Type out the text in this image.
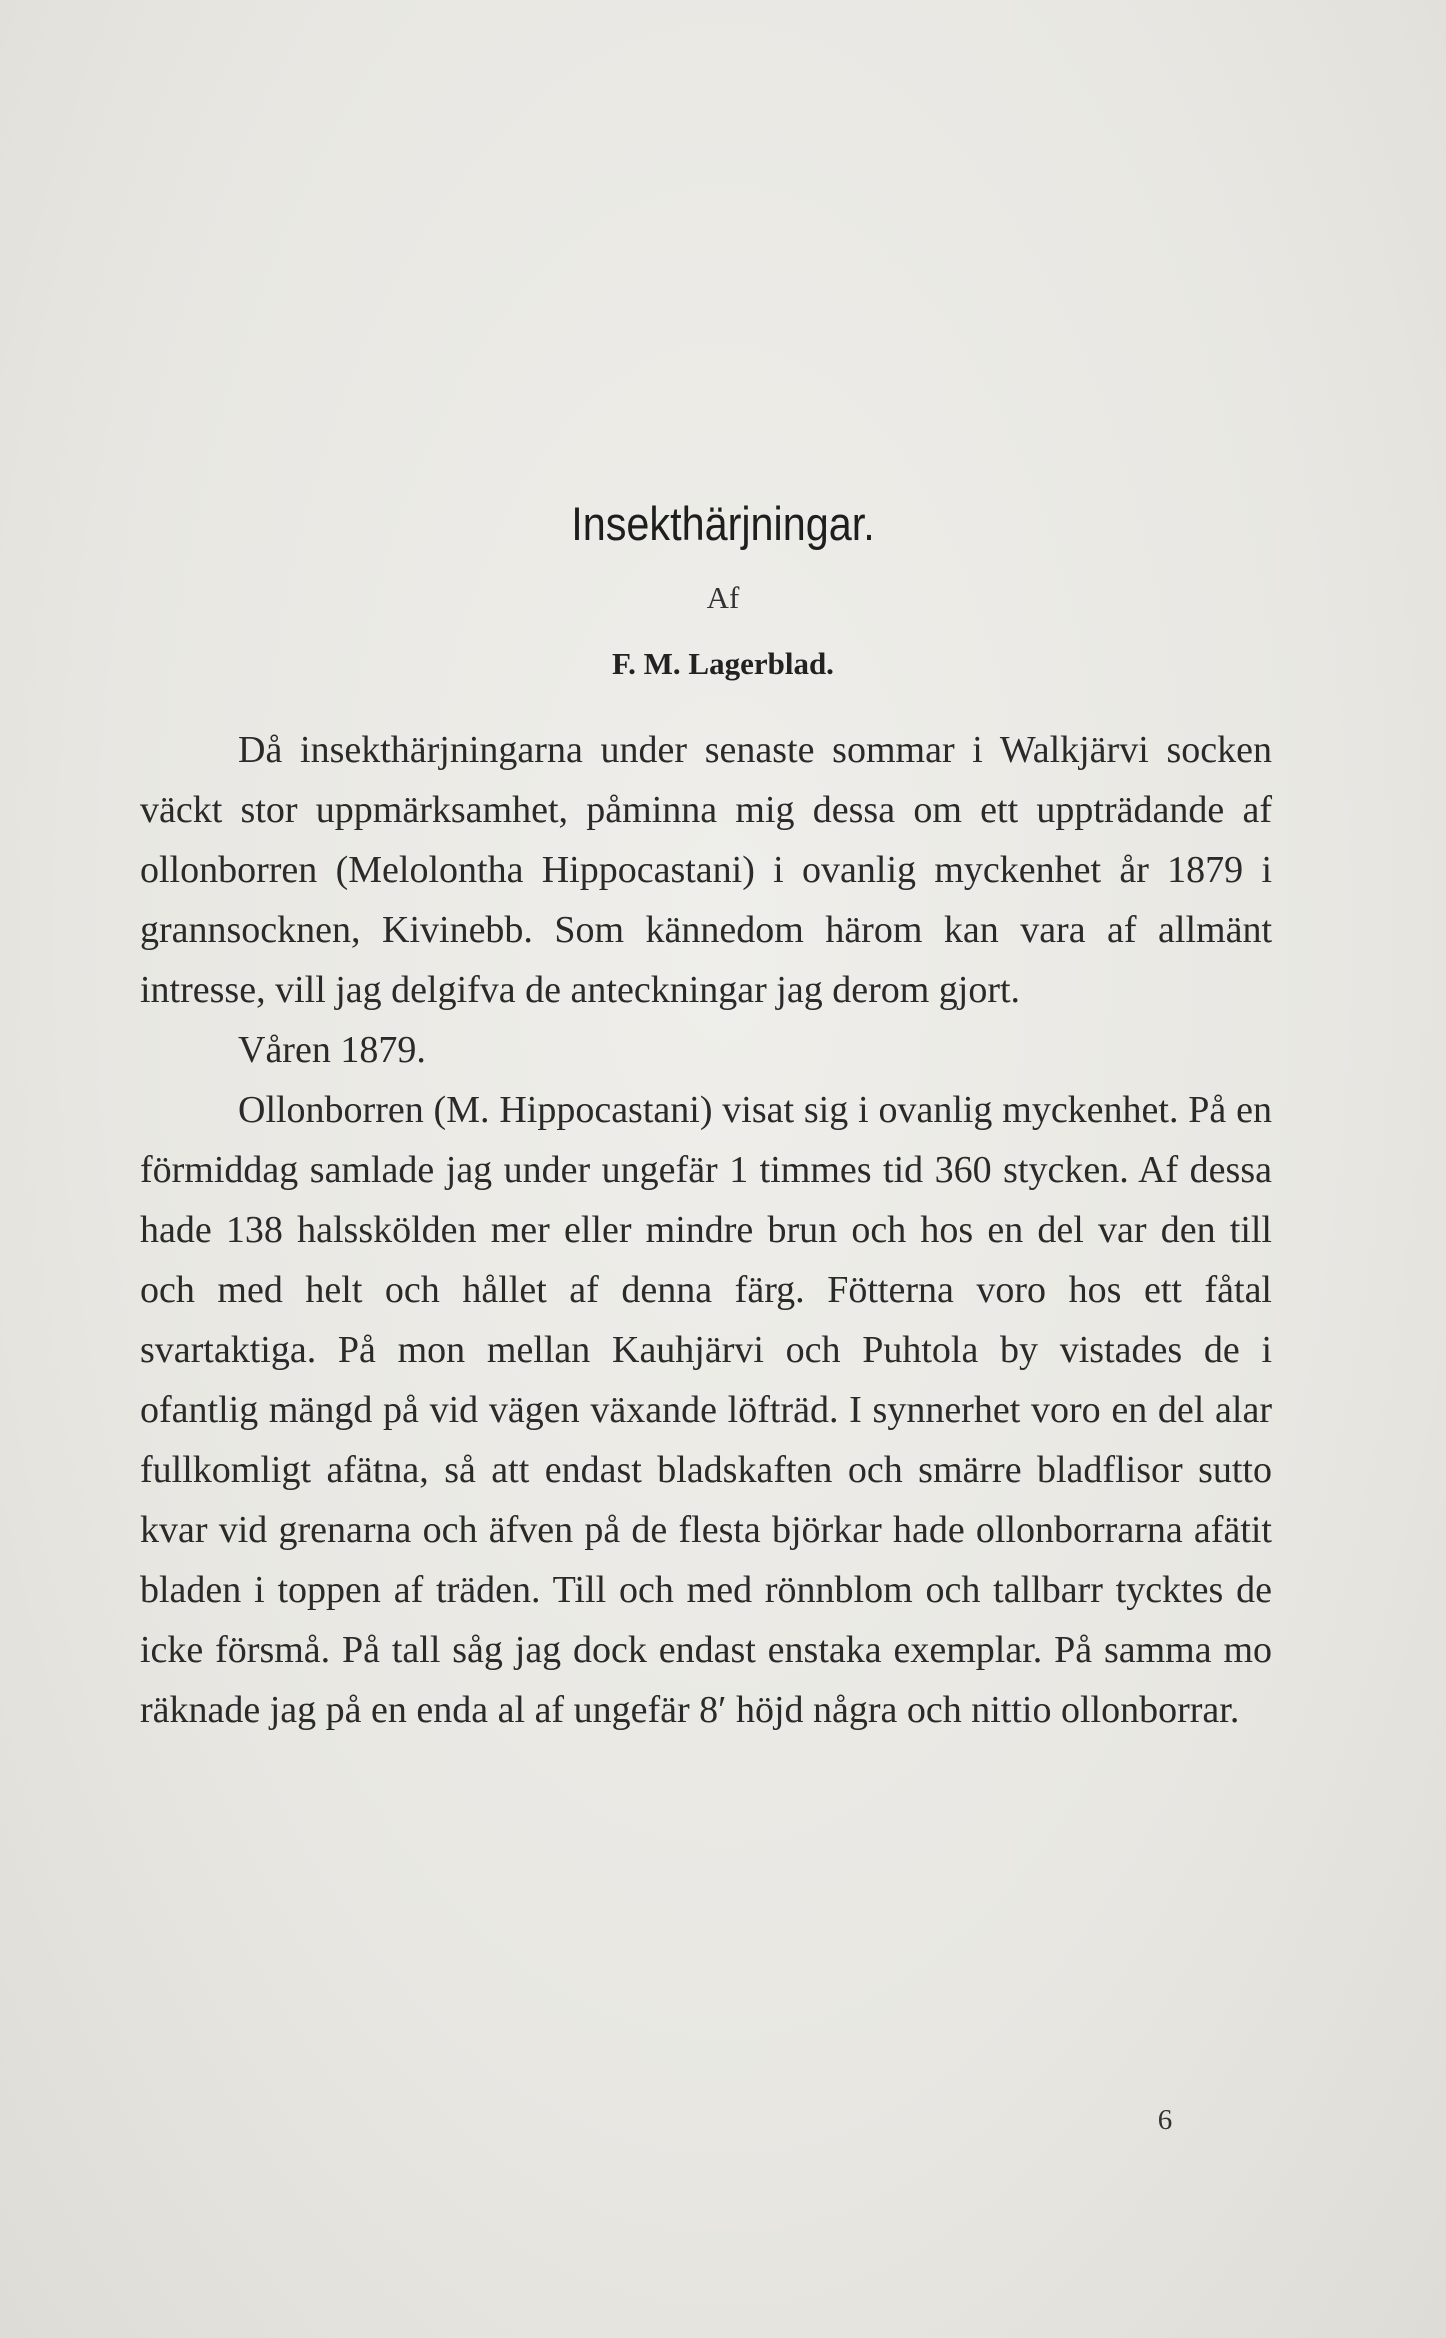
Insekthärjningar.
Af
F. M. Lagerblad.

Då insekthärjningarna under senaste sommar i Walkjärvi socken väckt stor uppmärksamhet, påminna mig dessa om ett uppträdande af ollonborren (Melolontha Hippocastani) i ovanlig myckenhet år 1879 i grannsocknen, Kivinebb. Som kännedom härom kan vara af allmänt intresse, vill jag delgifva de anteckningar jag derom gjort.

Våren 1879.

Ollonborren (M. Hippocastani) visat sig i ovanlig myckenhet. På en förmiddag samlade jag under ungefär 1 timmes tid 360 stycken. Af dessa hade 138 halsskölden mer eller mindre brun och hos en del var den till och med helt och hållet af denna färg. Fötterna voro hos ett fåtal svartaktiga. På mon mellan Kauhjärvi och Puhtola by vistades de i ofantlig mängd på vid vägen växande löfträd. I synnerhet voro en del alar fullkomligt afätna, så att endast bladskaften och smärre bladflisor sutto kvar vid grenarna och äfven på de flesta björkar hade ollonborrarna afätit bladen i toppen af träden. Till och med rönnblom och tallbarr tycktes de icke försmå. På tall såg jag dock endast enstaka exemplar. På samma mo räknade jag på en enda al af ungefär 8′ höjd några och nittio ollonborrar.

6
